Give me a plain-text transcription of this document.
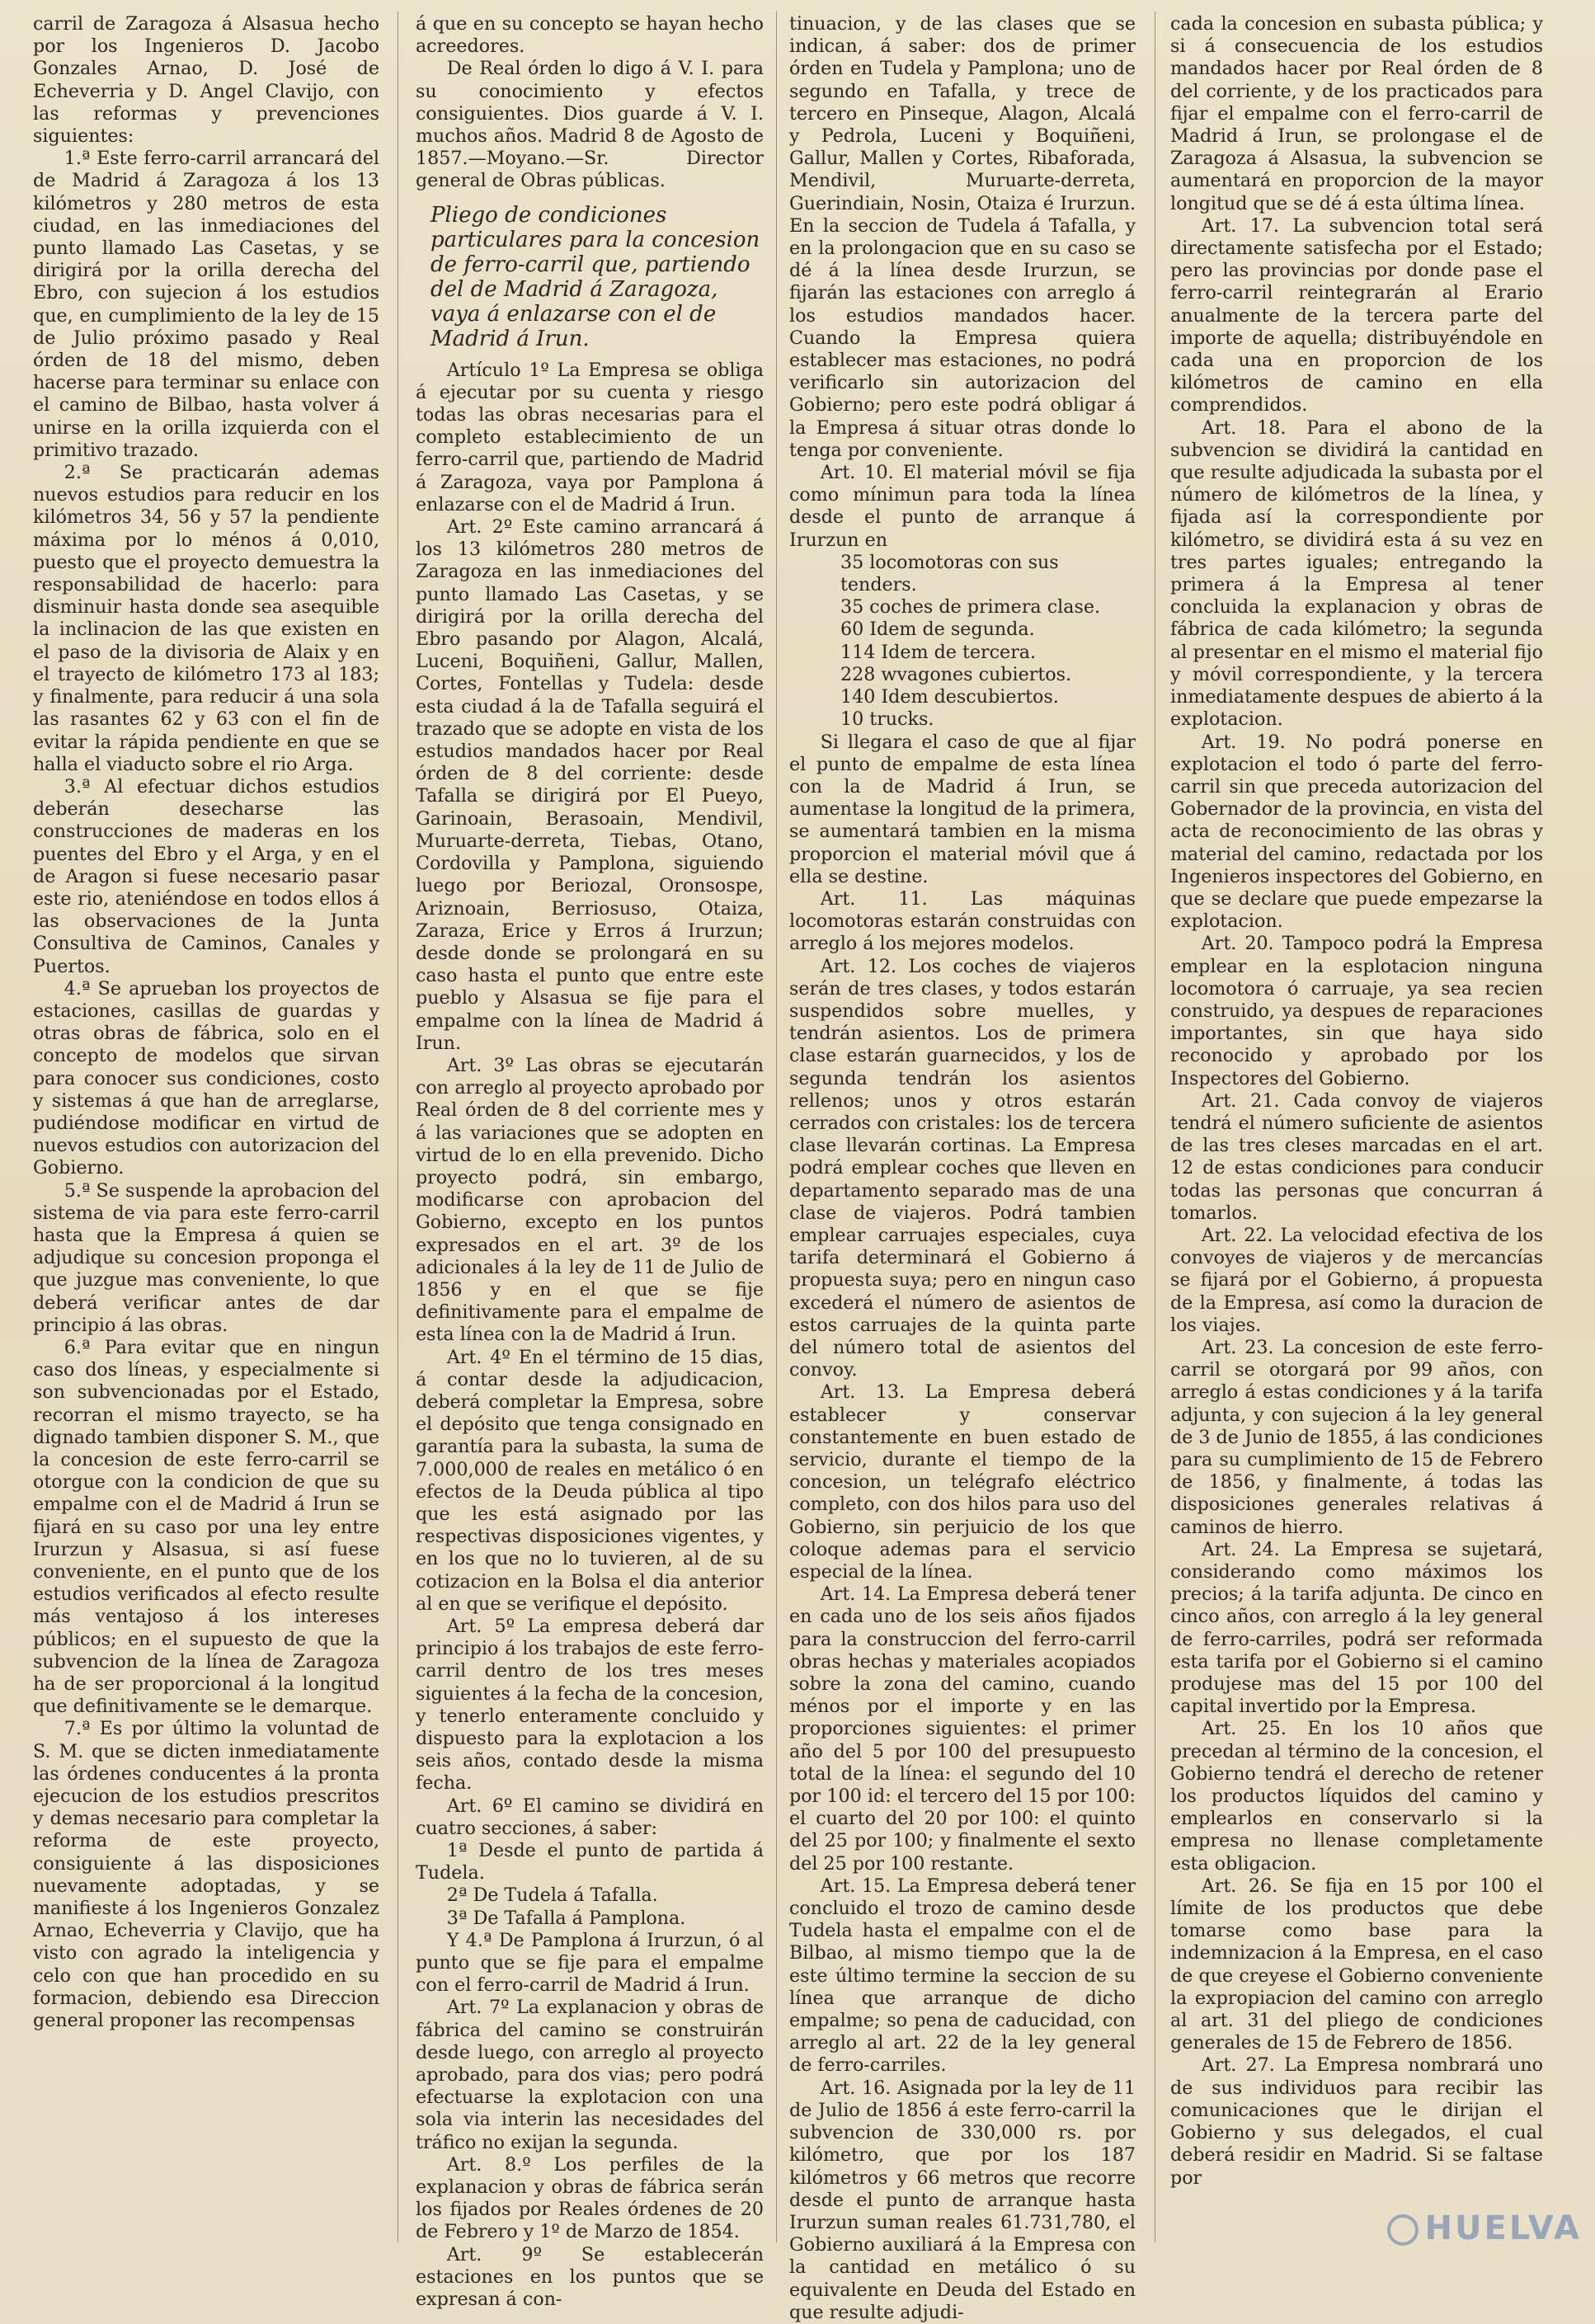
carril de Zaragoza á Alsasua hecho por los Ingenieros D. Jacobo Gonzales Arnao, D. José de Echeverria y D. Angel Clavijo, con las reformas y prevenciones siguientes:

1.ª Este ferro-carril arrancará del de Madrid á Zaragoza á los 13 kilómetros y 280 metros de esta ciudad, en las inmediaciones del punto llamado Las Casetas, y se dirigirá por la orilla derecha del Ebro, con sujecion á los estudios que, en cumplimiento de la ley de 15 de Julio próximo pasado y Real órden de 18 del mismo, deben hacerse para terminar su enlace con el camino de Bilbao, hasta volver á unirse en la orilla izquierda con el primitivo trazado.

2.ª Se practicarán ademas nuevos estudios para reducir en los kilómetros 34, 56 y 57 la pendiente máxima por lo ménos á 0,010, puesto que el proyecto demuestra la responsabilidad de hacerlo: para disminuir hasta donde sea asequible la inclinacion de las que existen en el paso de la divisoria de Alaix y en el trayecto de kilómetro 173 al 183; y finalmente, para reducir á una sola las rasantes 62 y 63 con el fin de evitar la rápida pendiente en que se halla el viaducto sobre el rio Arga.

3.ª Al efectuar dichos estudios deberán desecharse las construcciones de maderas en los puentes del Ebro y el Arga, y en el de Aragon si fuese necesario pasar este rio, ateniéndose en todos ellos á las observaciones de la Junta Consultiva de Caminos, Canales y Puertos.

4.ª Se aprueban los proyectos de estaciones, casillas de guardas y otras obras de fábrica, solo en el concepto de modelos que sirvan para conocer sus condiciones, costo y sistemas á que han de arreglarse, pudiéndose modificar en virtud de nuevos estudios con autorizacion del Gobierno.

5.ª Se suspende la aprobacion del sistema de via para este ferro-carril hasta que la Empresa á quien se adjudique su concesion proponga el que juzgue mas conveniente, lo que deberá verificar antes de dar principio á las obras.

6.ª Para evitar que en ningun caso dos líneas, y especialmente si son subvencionadas por el Estado, recorran el mismo trayecto, se ha dignado tambien disponer S. M., que la concesion de este ferro-carril se otorgue con la condicion de que su empalme con el de Madrid á Irun se fijará en su caso por una ley entre Irurzun y Alsasua, si así fuese conveniente, en el punto que de los estudios verificados al efecto resulte más ventajoso á los intereses públicos; en el supuesto de que la subvencion de la línea de Zaragoza ha de ser proporcional á la longitud que definitivamente se le demarque.

7.ª Es por último la voluntad de S. M. que se dicten inmediatamente las órdenes conducentes á la pronta ejecucion de los estudios prescritos y demas necesario para completar la reforma de este proyecto, consiguiente á las disposiciones nuevamente adoptadas, y se manifieste á los Ingenieros Gonzalez Arnao, Echeverria y Clavijo, que ha visto con agrado la inteligencia y celo con que han procedido en su formacion, debiendo esa Direccion general proponer las recompensas

á que en su concepto se hayan hecho acreedores.

De Real órden lo digo á V. I. para su conocimiento y efectos consiguientes. Dios guarde á V. I. muchos años. Madrid 8 de Agosto de 1857.—Moyano.—Sr. Director general de Obras públicas.

Pliego de condiciones particulares para la concesion de ferro-carril que, partiendo del de Madrid á Zaragoza, vaya á enlazarse con el de Madrid á Irun.

Artículo 1º La Empresa se obliga á ejecutar por su cuenta y riesgo todas las obras necesarias para el completo establecimiento de un ferro-carril que, partiendo de Madrid á Zaragoza, vaya por Pamplona á enlazarse con el de Madrid á Irun.

Art. 2º Este camino arrancará á los 13 kilómetros 280 metros de Zaragoza en las inmediaciones del punto llamado Las Casetas, y se dirigirá por la orilla derecha del Ebro pasando por Alagon, Alcalá, Luceni, Boquiñeni, Gallur, Mallen, Cortes, Fontellas y Tudela: desde esta ciudad á la de Tafalla seguirá el trazado que se adopte en vista de los estudios mandados hacer por Real órden de 8 del corriente: desde Tafalla se dirigirá por El Pueyo, Garinoain, Berasoain, Mendivil, Muruarte-derreta, Tiebas, Otano, Cordovilla y Pamplona, siguiendo luego por Beriozal, Oronsospe, Ariznoain, Berriosuso, Otaiza, Zaraza, Erice y Erros á Irurzun; desde donde se prolongará en su caso hasta el punto que entre este pueblo y Alsasua se fije para el empalme con la línea de Madrid á Irun.

Art. 3º Las obras se ejecutarán con arreglo al proyecto aprobado por Real órden de 8 del corriente mes y á las variaciones que se adopten en virtud de lo en ella prevenido. Dicho proyecto podrá, sin embargo, modificarse con aprobacion del Gobierno, excepto en los puntos expresados en el art. 3º de los adicionales á la ley de 11 de Julio de 1856 y en el que se fije definitivamente para el empalme de esta línea con la de Madrid á Irun.

Art. 4º En el término de 15 dias, á contar desde la adjudicacion, deberá completar la Empresa, sobre el depósito que tenga consignado en garantía para la subasta, la suma de 7.000,000 de reales en metálico ó en efectos de la Deuda pública al tipo que les está asignado por las respectivas disposiciones vigentes, y en los que no lo tuvieren, al de su cotizacion en la Bolsa el dia anterior al en que se verifique el depósito.

Art. 5º La empresa deberá dar principio á los trabajos de este ferro-carril dentro de los tres meses siguientes á la fecha de la concesion, y tenerlo enteramente concluido y dispuesto para la explotacion a los seis años, contado desde la misma fecha.

Art. 6º El camino se dividirá en cuatro secciones, á saber:

1ª Desde el punto de partida á Tudela.

2ª De Tudela á Tafalla.

3ª De Tafalla á Pamplona.

Y 4.ª De Pamplona á Irurzun, ó al punto que se fije para el empalme con el ferro-carril de Madrid á Irun.

Art. 7º La explanacion y obras de fábrica del camino se construirán desde luego, con arreglo al proyecto aprobado, para dos vias; pero podrá efectuarse la explotacion con una sola via interin las necesidades del tráfico no exijan la segunda.

Art. 8.º Los perfiles de la explanacion y obras de fábrica serán los fijados por Reales órdenes de 20 de Febrero y 1º de Marzo de 1854.

Art. 9º Se establecerán estaciones en los puntos que se expresan á con-

tinuacion, y de las clases que se indican, á saber: dos de primer órden en Tudela y Pamplona; uno de segundo en Tafalla, y trece de tercero en Pinseque, Alagon, Alcalá y Pedrola, Luceni y Boquiñeni, Gallur, Mallen y Cortes, Ribaforada, Mendivil, Muruarte-derreta, Guerindiain, Nosin, Otaiza é Irurzun. En la seccion de Tudela á Tafalla, y en la prolongacion que en su caso se dé á la línea desde Irurzun, se fijarán las estaciones con arreglo á los estudios mandados hacer. Cuando la Empresa quiera establecer mas estaciones, no podrá verificarlo sin autorizacion del Gobierno; pero este podrá obligar á la Empresa á situar otras donde lo tenga por conveniente.

Art. 10. El material móvil se fija como mínimun para toda la línea desde el punto de arranque á Irurzun en

35 locomotoras con sus tenders.
35 coches de primera clase.
60 Idem de segunda.
114 Idem de tercera.
228 wvagones cubiertos.
140 Idem descubiertos.
10 trucks.

Si llegara el caso de que al fijar el punto de empalme de esta línea con la de Madrid á Irun, se aumentase la longitud de la primera, se aumentará tambien en la misma proporcion el material móvil que á ella se destine.

Art. 11. Las máquinas locomotoras estarán construidas con arreglo á los mejores modelos.

Art. 12. Los coches de viajeros serán de tres clases, y todos estarán suspendidos sobre muelles, y tendrán asientos. Los de primera clase estarán guarnecidos, y los de segunda tendrán los asientos rellenos; unos y otros estarán cerrados con cristales: los de tercera clase llevarán cortinas. La Empresa podrá emplear coches que lleven en departamento separado mas de una clase de viajeros. Podrá tambien emplear carruajes especiales, cuya tarifa determinará el Gobierno á propuesta suya; pero en ningun caso excederá el número de asientos de estos carruajes de la quinta parte del número total de asientos del convoy.

Art. 13. La Empresa deberá establecer y conservar constantemente en buen estado de servicio, durante el tiempo de la concesion, un telégrafo eléctrico completo, con dos hilos para uso del Gobierno, sin perjuicio de los que coloque ademas para el servicio especial de la línea.

Art. 14. La Empresa deberá tener en cada uno de los seis años fijados para la construccion del ferro-carril obras hechas y materiales acopiados sobre la zona del camino, cuando ménos por el importe y en las proporciones siguientes: el primer año del 5 por 100 del presupuesto total de la línea: el segundo del 10 por 100 id: el tercero del 15 por 100: el cuarto del 20 por 100: el quinto del 25 por 100; y finalmente el sexto del 25 por 100 restante.

Art. 15. La Empresa deberá tener concluido el trozo de camino desde Tudela hasta el empalme con el de Bilbao, al mismo tiempo que la de este último termine la seccion de su línea que arranque de dicho empalme; so pena de caducidad, con arreglo al art. 22 de la ley general de ferro-carriles.

Art. 16. Asignada por la ley de 11 de Julio de 1856 á este ferro-carril la subvencion de 330,000 rs. por kilómetro, que por los 187 kilómetros y 66 metros que recorre desde el punto de arranque hasta Irurzun suman reales 61.731,780, el Gobierno auxiliará á la Empresa con la cantidad en metálico ó su equivalente en Deuda del Estado en que resulte adjudi-

cada la concesion en subasta pública; y si á consecuencia de los estudios mandados hacer por Real órden de 8 del corriente, y de los practicados para fijar el empalme con el ferro-carril de Madrid á Irun, se prolongase el de Zaragoza á Alsasua, la subvencion se aumentará en proporcion de la mayor longitud que se dé á esta última línea.

Art. 17. La subvencion total será directamente satisfecha por el Estado; pero las provincias por donde pase el ferro-carril reintegrarán al Erario anualmente de la tercera parte del importe de aquella; distribuyéndole en cada una en proporcion de los kilómetros de camino en ella comprendidos.

Art. 18. Para el abono de la subvencion se dividirá la cantidad en que resulte adjudicada la subasta por el número de kilómetros de la línea, y fijada así la correspondiente por kilómetro, se dividirá esta á su vez en tres partes iguales; entregando la primera á la Empresa al tener concluida la explanacion y obras de fábrica de cada kilómetro; la segunda al presentar en el mismo el material fijo y móvil correspondiente, y la tercera inmediatamente despues de abierto á la explotacion.

Art. 19. No podrá ponerse en explotacion el todo ó parte del ferro-carril sin que preceda autorizacion del Gobernador de la provincia, en vista del acta de reconocimiento de las obras y material del camino, redactada por los Ingenieros inspectores del Gobierno, en que se declare que puede empezarse la explotacion.

Art. 20. Tampoco podrá la Empresa emplear en la esplotacion ninguna locomotora ó carruaje, ya sea recien construido, ya despues de reparaciones importantes, sin que haya sido reconocido y aprobado por los Inspectores del Gobierno.

Art. 21. Cada convoy de viajeros tendrá el número suficiente de asientos de las tres cleses marcadas en el art. 12 de estas condiciones para conducir todas las personas que concurran á tomarlos.

Art. 22. La velocidad efectiva de los convoyes de viajeros y de mercancías se fijará por el Gobierno, á propuesta de la Empresa, así como la duracion de los viajes.

Art. 23. La concesion de este ferro-carril se otorgará por 99 años, con arreglo á estas condiciones y á la tarifa adjunta, y con sujecion á la ley general de 3 de Junio de 1855, á las condiciones para su cumplimiento de 15 de Febrero de 1856, y finalmente, á todas las disposiciones generales relativas á caminos de hierro.

Art. 24. La Empresa se sujetará, considerando como máximos los precios; á la tarifa adjunta. De cinco en cinco años, con arreglo á la ley general de ferro-carriles, podrá ser reformada esta tarifa por el Gobierno si el camino produjese mas del 15 por 100 del capital invertido por la Empresa.

Art. 25. En los 10 años que precedan al término de la concesion, el Gobierno tendrá el derecho de retener los productos líquidos del camino y emplearlos en conservarlo si la empresa no llenase completamente esta obligacion.

Art. 26. Se fija en 15 por 100 el límite de los productos que debe tomarse como base para la indemnizacion á la Empresa, en el caso de que creyese el Gobierno conveniente la expropiacion del camino con arreglo al art. 31 del pliego de condiciones generales de 15 de Febrero de 1856.

Art. 27. La Empresa nombrará uno de sus individuos para recibir las comunicaciones que le dirijan el Gobierno y sus delegados, el cual deberá residir en Madrid. Si se faltase por

HUELVA
